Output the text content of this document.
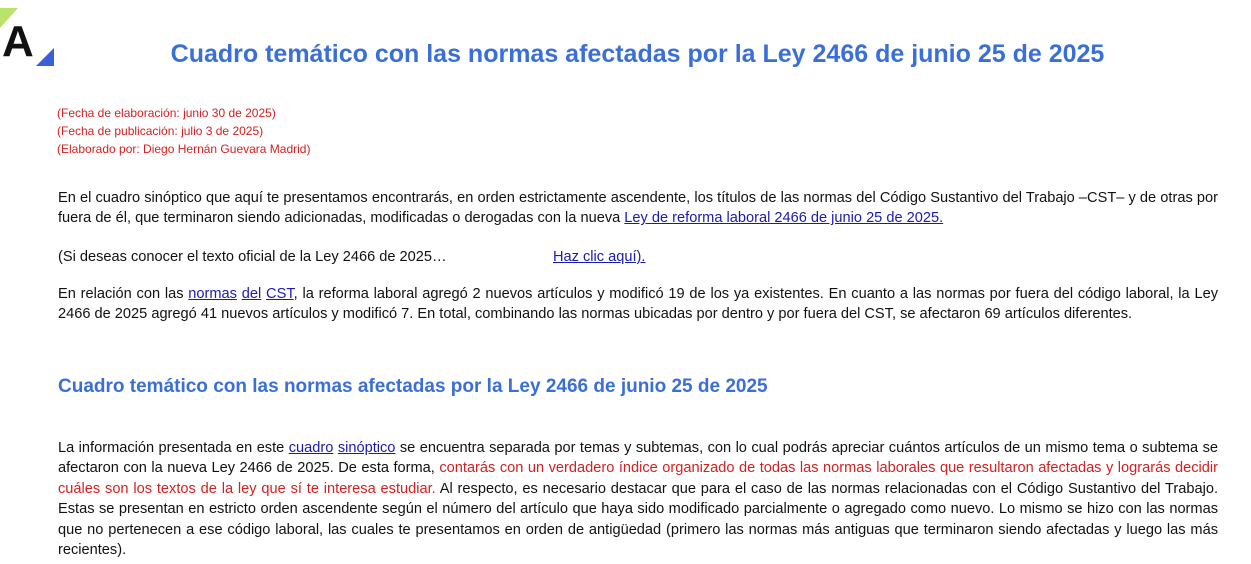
A	Cuadro temático con las normas afectadas por la Ley 2466 de junio 25 de 2025
(Fecha de elaboración: junio 30 de 2025)
(Fecha de publicación: julio 3 de 2025)
(Elaborado por: Diego Hernán Guevara Madrid)
En el cuadro sinóptico que aquí te presentamos encontrarás, en orden estrictamente ascendente, los títulos de las normas del Código Sustantivo del Trabajo –CST– y de otras por fuera de él, que terminaron siendo adicionadas, modificadas o derogadas con la nueva Ley de reforma laboral 2466 de junio 25 de 2025.
(Si deseas conocer el texto oficial de la Ley 2466 de 2025…	Haz clic aquí).
En relación con las normas del CST, la reforma laboral agregó 2 nuevos artículos y modificó 19 de los ya existentes. En cuanto a las normas por fuera del código laboral, la Ley 2466 de 2025 agregó 41 nuevos artículos y modificó 7. En total, combinando las normas ubicadas por dentro y por fuera del CST, se afectaron 69 artículos diferentes.
Cuadro temático con las normas afectadas por la Ley 2466 de junio 25 de 2025
La información presentada en este cuadro sinóptico se encuentra separada por temas y subtemas, con lo cual podrás apreciar cuántos artículos de un mismo tema o subtema se afectaron con la nueva Ley 2466 de 2025. De esta forma, contarás con un verdadero índice organizado de todas las normas laborales que resultaron afectadas y lograrás decidir cuáles son los textos de la ley que sí te interesa estudiar. Al respecto, es necesario destacar que para el caso de las normas relacionadas con el Código Sustantivo del Trabajo. Estas se presentan en estricto orden ascendente según el número del artículo que haya sido modificado parcialmente o agregado como nuevo. Lo mismo se hizo con las normas que no pertenecen a ese código laboral, las cuales te presentamos en orden de antigüedad (primero las normas más antiguas que terminaron siendo afectadas y luego las más recientes).
